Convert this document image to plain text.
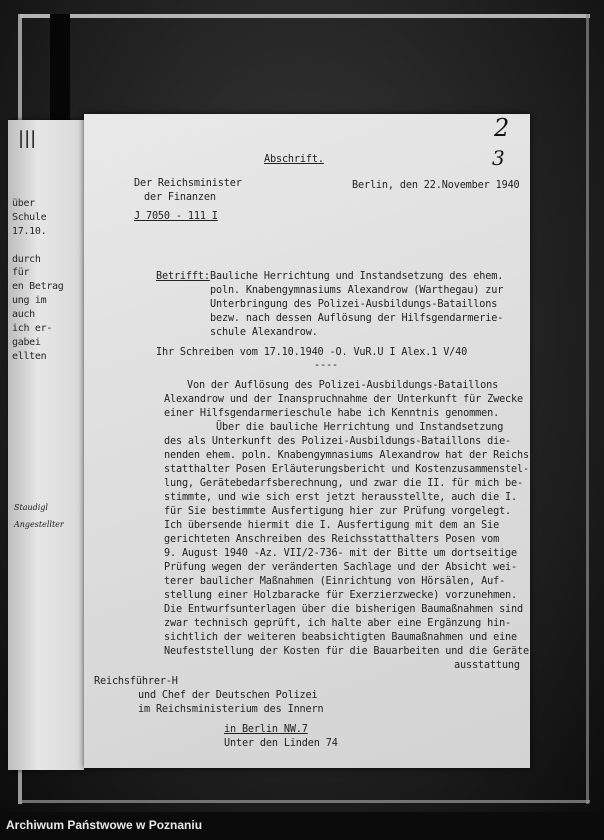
|||
über
Schule
17.10.
durch
für
en Betrag
ung im
auch
ich er-
gabei
ellten
Staudigl
Angestellter
2
3
Abschrift.
Der Reichsminister
der Finanzen
Berlin, den 22.November 1940
J 7050 - 111 I
Betrifft: Bauliche Herrichtung und Instandsetzung des ehem.
poln. Knabengymnasiums Alexandrow (Warthegau) zur
Unterbringung des Polizei-Ausbildungs-Bataillons
bezw. nach dessen Auflösung der Hilfsgendarmerie-
schule Alexandrow.
Ihr Schreiben vom 17.10.1940 -O. VuR.U I Alex.1 V/40
----
Von der Auflösung des Polizei-Ausbildungs-Bataillons
Alexandrow und der Inanspruchnahme der Unterkunft für Zwecke
einer Hilfsgendarmerieschule habe ich Kenntnis genommen.
Über die bauliche Herrichtung und Instandsetzung
des als Unterkunft des Polizei-Ausbildungs-Bataillons die-
nenden ehem. poln. Knabengymnasiums Alexandrow hat der Reichs-
statthalter Posen Erläuterungsbericht und Kostenzusammenstel-
lung, Gerätebedarfsberechnung, und zwar die II. für mich be-
stimmte, und wie sich erst jetzt herausstellte, auch die I.
für Sie bestimmte Ausfertigung hier zur Prüfung vorgelegt.
Ich übersende hiermit die I. Ausfertigung mit dem an Sie
gerichteten Anschreiben des Reichsstatthalters Posen vom
9. August 1940 -Az. VII/2-736- mit der Bitte um dortseitige
Prüfung wegen der veränderten Sachlage und der Absicht wei-
terer baulicher Maßnahmen (Einrichtung von Hörsälen, Auf-
stellung einer Holzbaracke für Exerzierzwecke) vorzunehmen.
Die Entwurfsunterlagen über die bisherigen Baumaßnahmen sind
zwar technisch geprüft, ich halte aber eine Ergänzung hin-
sichtlich der weiteren beabsichtigten Baumaßnahmen und eine
Neufeststellung der Kosten für die Bauarbeiten und die Geräte-
ausstattung
Reichsführer-H
und Chef der Deutschen Polizei
im Reichsministerium des Innern
in Berlin NW.7
Unter den Linden 74
Archiwum Państwowe w Poznaniu
